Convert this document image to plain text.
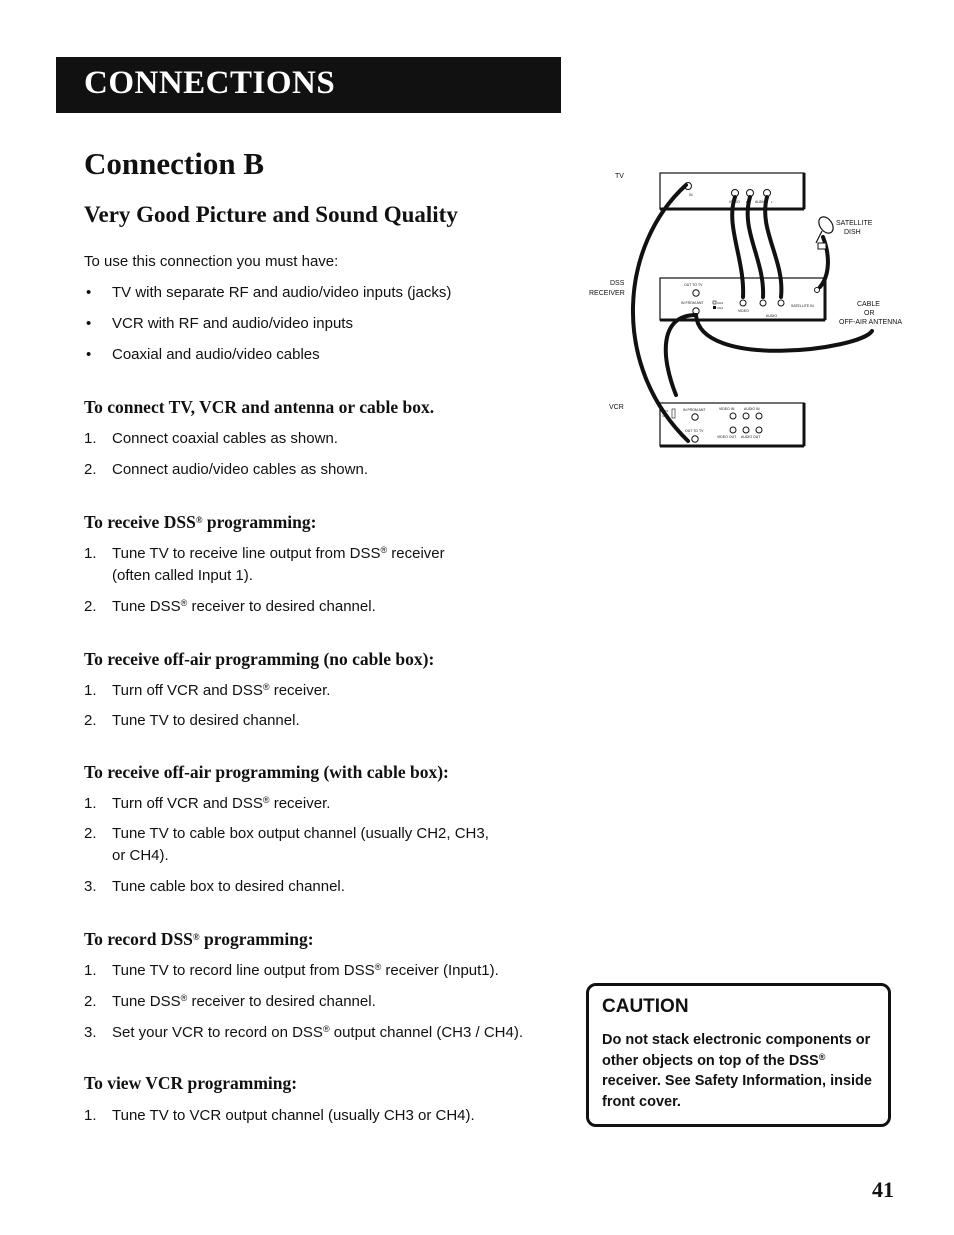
CONNECTIONS
Connection B
Very Good Picture and Sound Quality
To use this connection you must have:
• TV with separate RF and audio/video inputs (jacks)
• VCR with RF and audio/video inputs
• Coaxial and audio/video cables
To connect TV, VCR and antenna or cable box.
1. Connect coaxial cables as shown.
2. Connect audio/video cables as shown.
To receive DSS® programming:
1. Tune TV to receive line output from DSS® receiver
(often called Input 1).
2. Tune DSS® receiver to desired channel.
To receive off-air programming (no cable box):
1. Turn off VCR and DSS® receiver.
2. Tune TV to desired channel.
To receive off-air programming (with cable box):
1. Turn off VCR and DSS® receiver.
2. Tune TV to cable box output channel (usually CH2, CH3,
or CH4).
3. Tune cable box to desired channel.
To record DSS® programming:
1. Tune TV to record line output from DSS® receiver (Input1).
2. Tune DSS® receiver to desired channel.
3. Set your VCR to record on DSS® output channel (CH3 / CH4).
To view VCR programming:
1. Tune TV to VCR output channel (usually CH3 or CH4).
CAUTION
Do not stack electronic components or other objects on top of the DSS® receiver. See Safety Information, inside front cover.
41
TV
DSS
RECEIVER
VCR
IN
VIDEO	AUDIO
R	L
OUT TO TV
IN FROM ANT	CH3
CH4
VIDEO
AUDIO
SATELLITE IN
CH3
CH4
IN FROM ANT
OUT TO TV
VIDEO IN	AUDIO IN
VIDEO OUT AUDIO OUT
SATELLITE
DISH
CABLE
OR
OFF-AIR ANTENNA
